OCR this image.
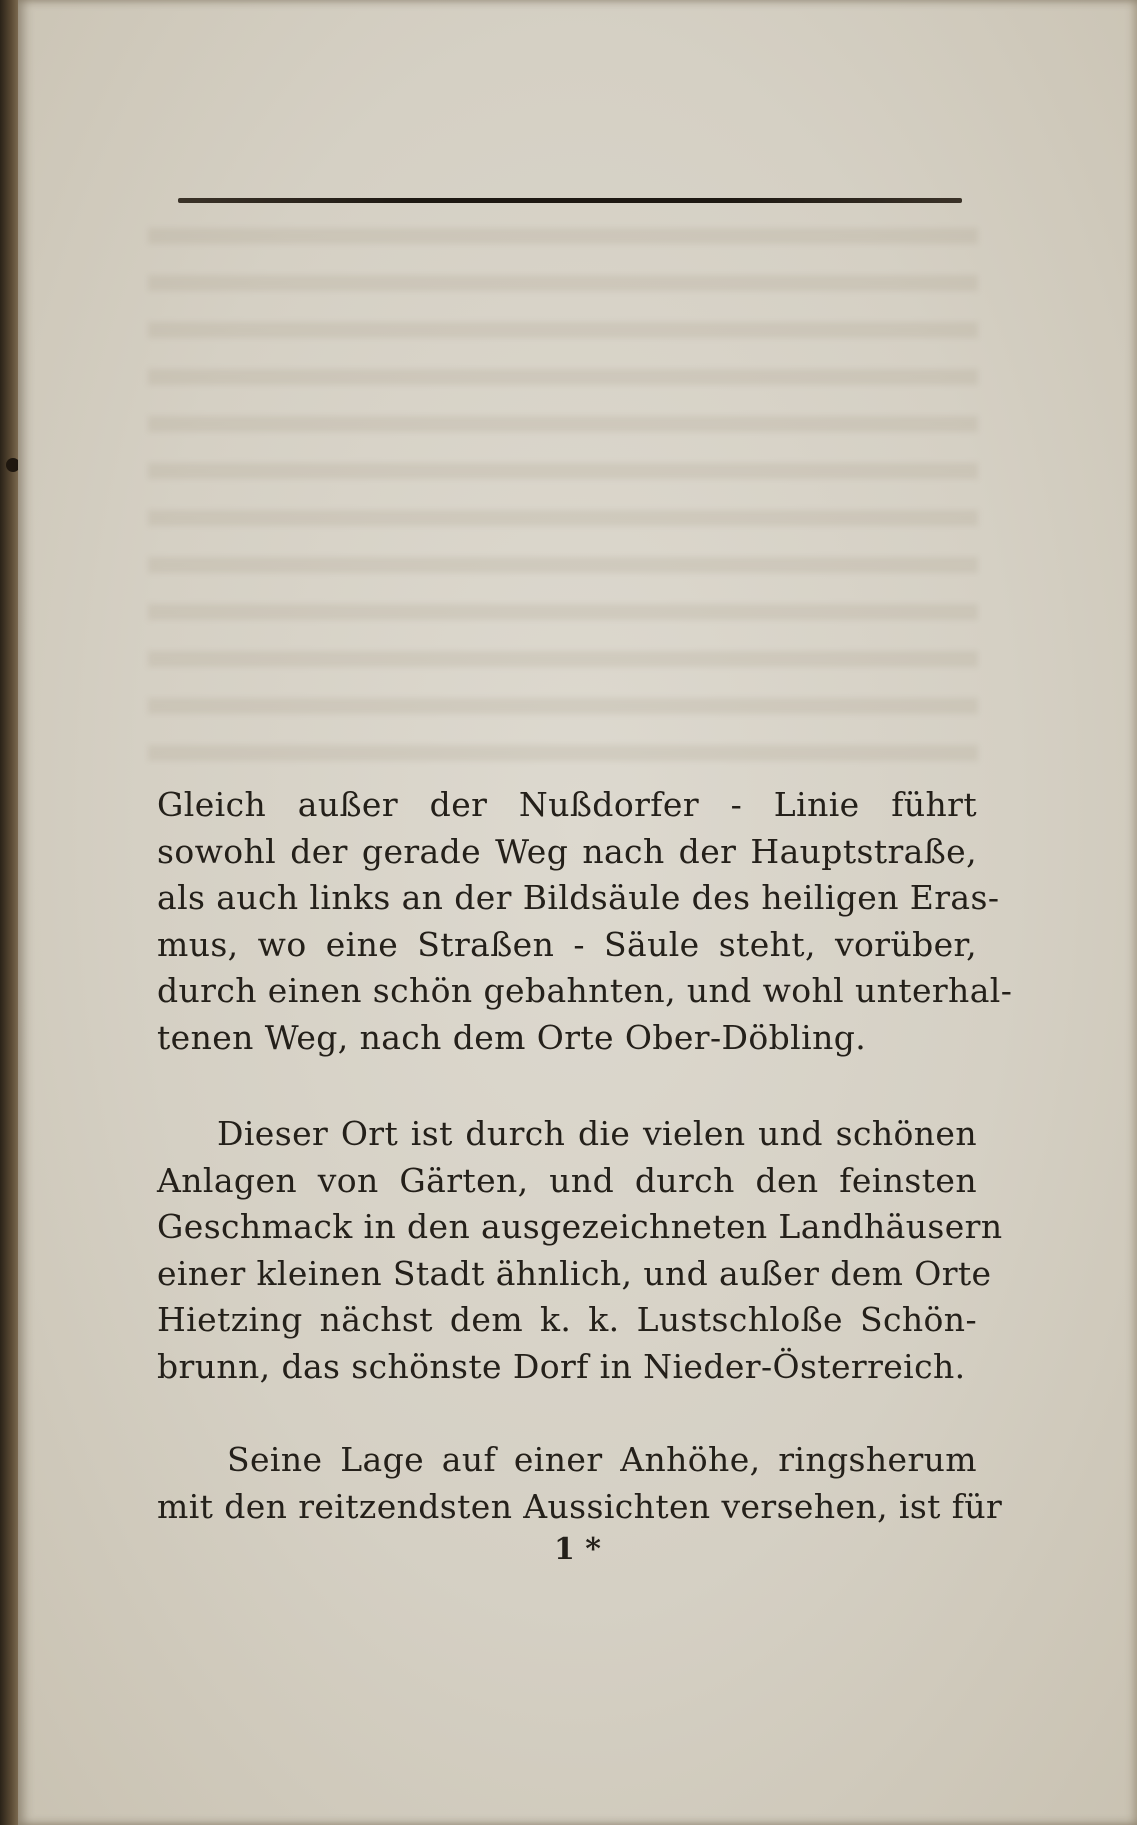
Gleich außer der Nußdorfer - Linie führt
sowohl der gerade Weg nach der Hauptstraße,
als auch links an der Bildsäule des heiligen Eras-
mus, wo eine Straßen - Säule steht, vorüber,
durch einen schön gebahnten, und wohl unterhal-
tenen Weg, nach dem Orte Ober-Döbling.
Dieser Ort ist durch die vielen und schönen
Anlagen von Gärten, und durch den feinsten
Geschmack in den ausgezeichneten Landhäusern
einer kleinen Stadt ähnlich, und außer dem Orte
Hietzing nächst dem k. k. Lustschloße Schön-
brunn, das schönste Dorf in Nieder-Österreich.
Seine Lage auf einer Anhöhe, ringsherum
mit den reitzendsten Aussichten versehen, ist für
1 *
